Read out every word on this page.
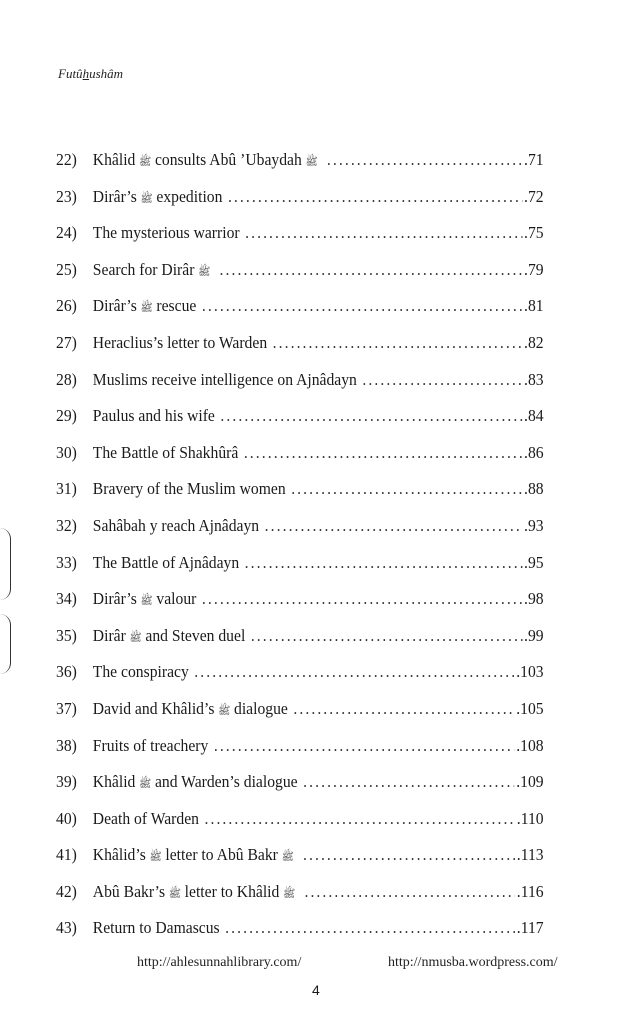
Futûhushâm
22) Khâlid ﷺ consults Abû ’Ubaydah ﷺ . . .	.71
23) Dirâr’s ﷺ expedition . . .	.72
24) The mysterious warrior . . .	.75
25) Search for Dirâr ﷺ . . .	.79
26) Dirâr’s ﷺ rescue . . .	.81
27) Heraclius’s letter to Warden . . .	.82
28) Muslims receive intelligence on Ajnâdayn . . .	.83
29) Paulus and his wife . . .	.84
30) The Battle of Shakhûrâ . . .	.86
31) Bravery of the Muslim women . . .	.88
32) Sahâbah y reach Ajnâdayn . . .	.93
33) The Battle of Ajnâdayn . . .	.95
34) Dirâr’s ﷺ valour . . .	.98
35) Dirâr ﷺ and Steven duel . . .	.99
36) The conspiracy . . .	.103
37) David and Khâlid’s ﷺ dialogue . . .	.105
38) Fruits of treachery . . .	.108
39) Khâlid ﷺ and Warden’s dialogue . . .	.109
40) Death of Warden . . .	.110
41) Khâlid’s ﷺ letter to Abû Bakr ﷺ . . .	.113
42) Abû Bakr’s ﷺ letter to Khâlid ﷺ . . .	.116
43) Return to Damascus . . .	.117
http://ahlesunnahlibrary.com/	http://nmusba.wordpress.com/
4
